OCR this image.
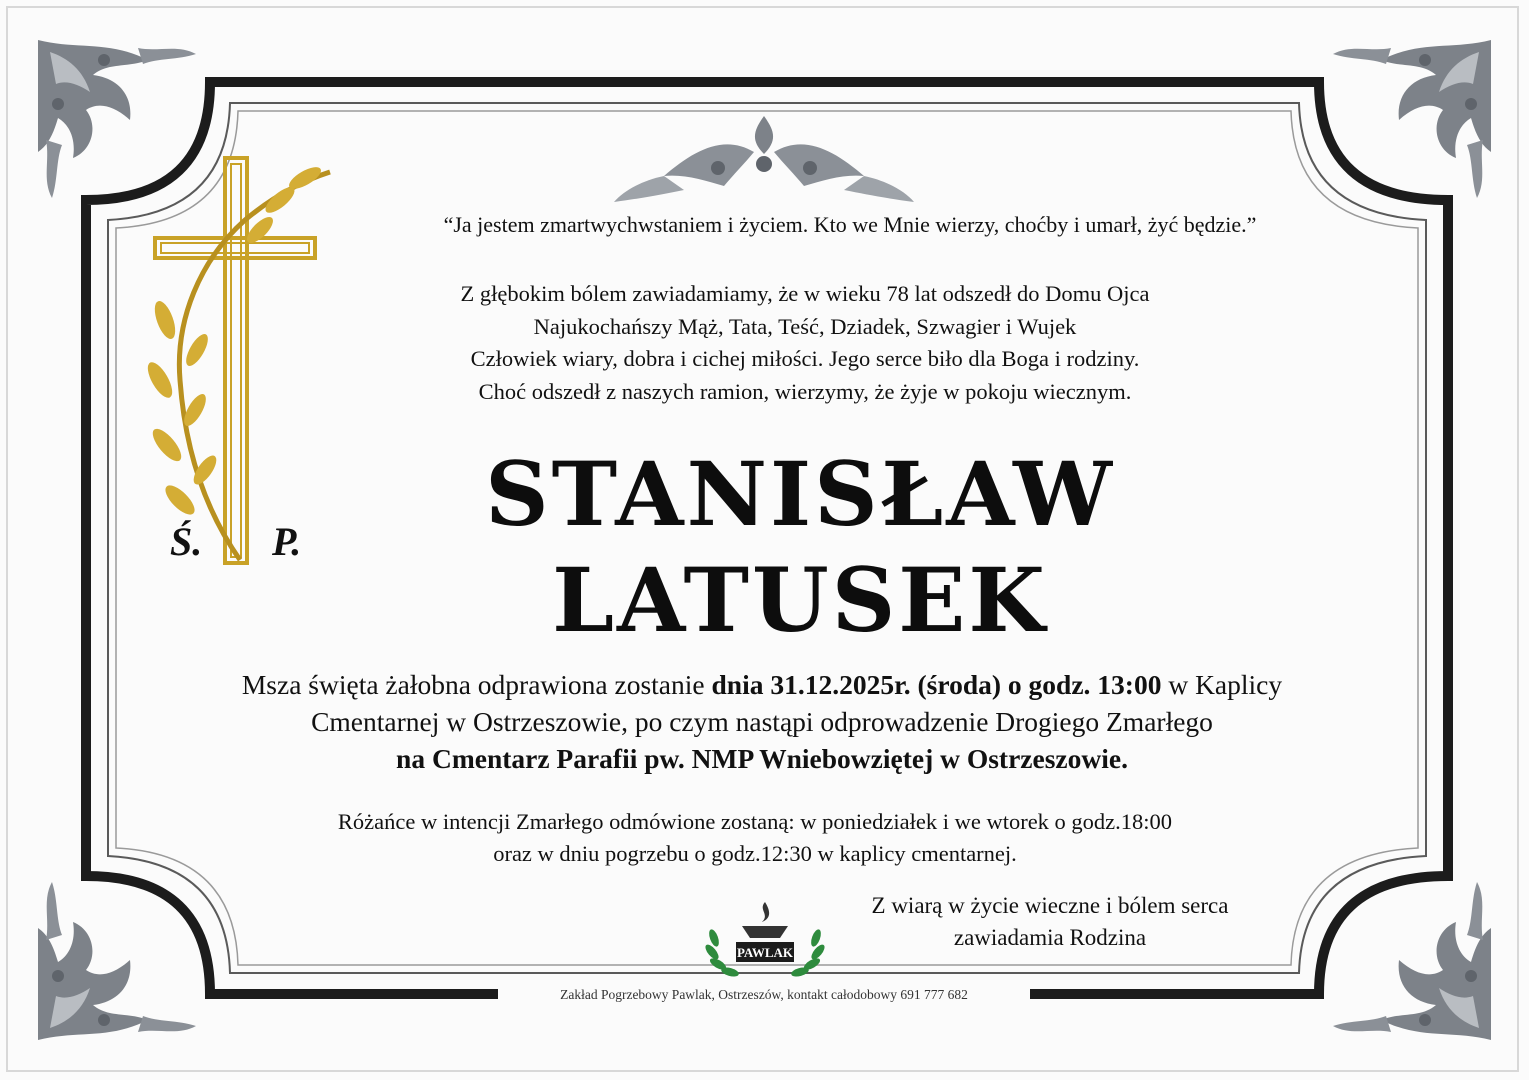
Ś. P.
“Ja jestem zmartwychwstaniem i życiem. Kto we Mnie wierzy, choćby i umarł, żyć będzie.”
Z głębokim bólem zawiadamiamy, że w wieku 78 lat odszedł do Domu Ojca
Najukochańszy Mąż, Tata, Teść, Dziadek, Szwagier i Wujek
Człowiek wiary, dobra i cichej miłości. Jego serce biło dla Boga i rodziny.
Choć odszedł z naszych ramion, wierzymy, że żyje w pokoju wiecznym.
STANISŁAW
LATUSEK
Msza święta żałobna odprawiona zostanie dnia 31.12.2025r. (środa) o godz. 13:00 w Kaplicy
Cmentarnej w Ostrzeszowie, po czym nastąpi odprowadzenie Drogiego Zmarłego
na Cmentarz Parafii pw. NMP Wniebowziętej w Ostrzeszowie.
Różańce w intencji Zmarłego odmówione zostaną: w poniedziałek i we wtorek o godz.18:00
oraz w dniu pogrzebu o godz.12:30 w kaplicy cmentarnej.
PAWLAK
Z wiarą w życie wieczne i bólem serca
zawiadamia Rodzina
Zakład Pogrzebowy Pawlak, Ostrzeszów, kontakt całodobowy 691 777 682
